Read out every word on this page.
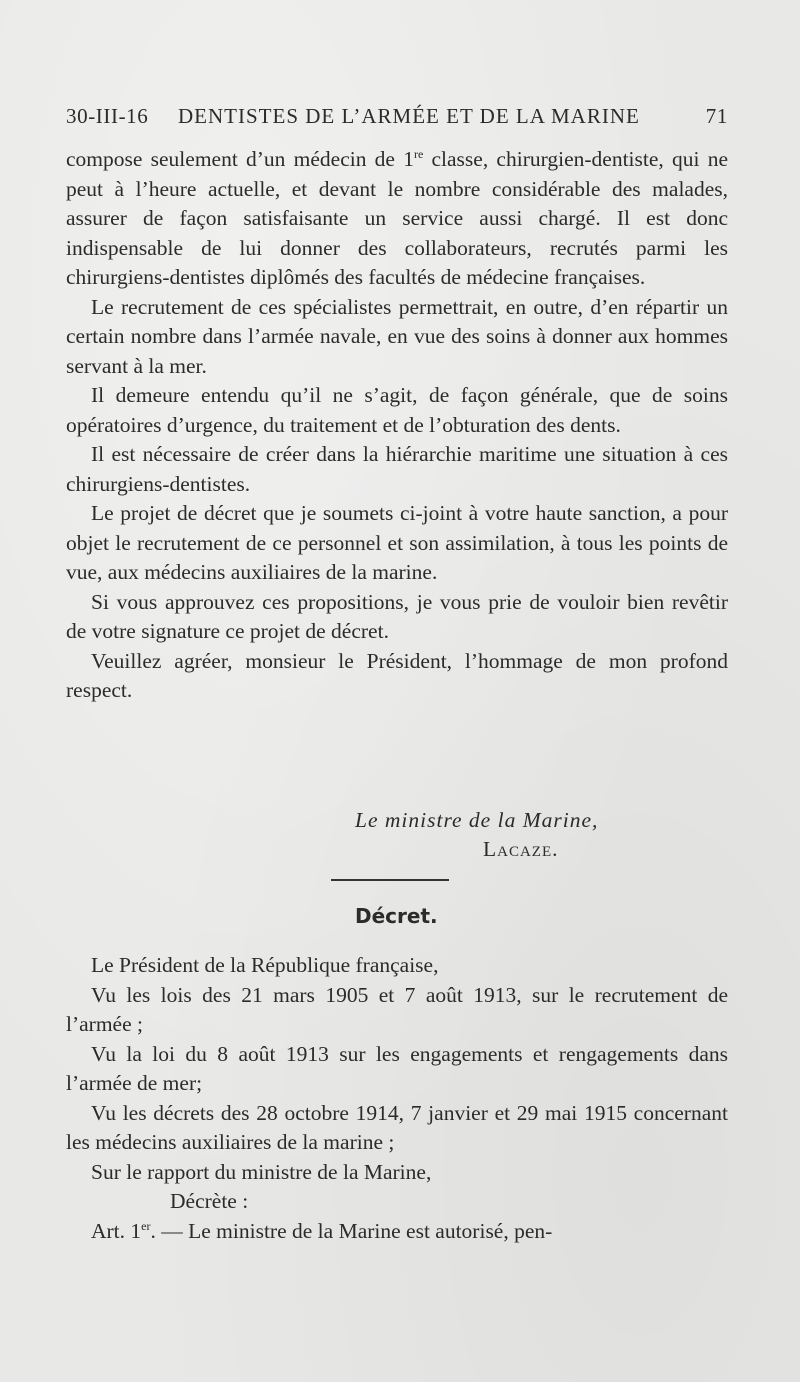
30-III-16 DENTISTES DE L’ARMÉE ET DE LA MARINE	71

compose seulement d’un médecin de 1re classe, chirurgien-dentiste, qui ne peut à l’heure actuelle, et devant le nombre considérable des malades, assurer de façon satisfaisante un service aussi chargé. Il est donc indispensable de lui donner des collaborateurs, recrutés parmi les chirurgiens-dentistes diplômés des facultés de médecine françaises.

Le recrutement de ces spécialistes permettrait, en outre, d’en répartir un certain nombre dans l’armée navale, en vue des soins à donner aux hommes servant à la mer.

Il demeure entendu qu’il ne s’agit, de façon générale, que de soins opératoires d’urgence, du traitement et de l’obturation des dents.

Il est nécessaire de créer dans la hiérarchie maritime une situation à ces chirurgiens-dentistes.

Le projet de décret que je soumets ci-joint à votre haute sanction, a pour objet le recrutement de ce personnel et son assimilation, à tous les points de vue, aux médecins auxiliaires de la marine.

Si vous approuvez ces propositions, je vous prie de vouloir bien revêtir de votre signature ce projet de décret.

Veuillez agréer, monsieur le Président, l’hommage de mon profond respect.

Le ministre de la Marine,
Lacaze.
Décret.

Le Président de la République française,

Vu les lois des 21 mars 1905 et 7 août 1913, sur le recrutement de l’armée ;

Vu la loi du 8 août 1913 sur les engagements et rengagements dans l’armée de mer;

Vu les décrets des 28 octobre 1914, 7 janvier et 29 mai 1915 concernant les médecins auxiliaires de la marine ;

Sur le rapport du ministre de la Marine,

Décrète :

Art. 1er. — Le ministre de la Marine est autorisé, pen-
